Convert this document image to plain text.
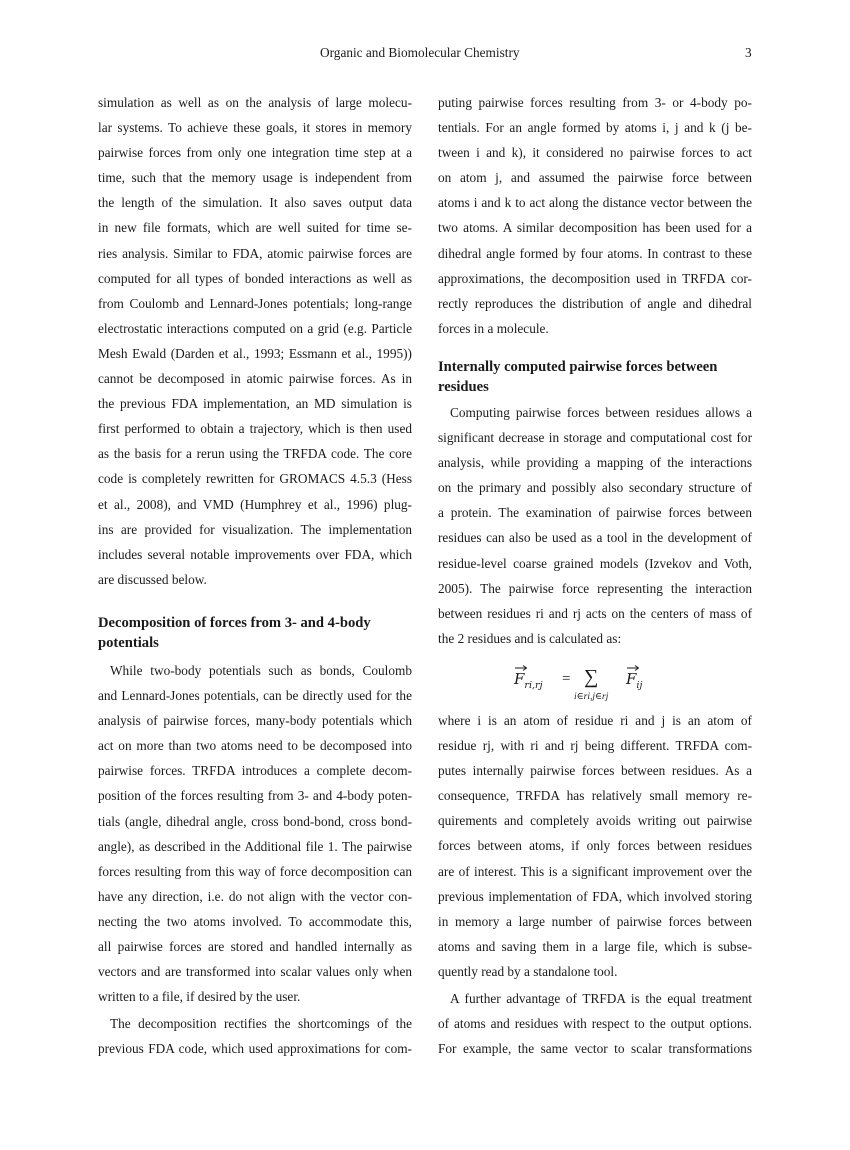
Organic and Biomolecular Chemistry	3
simulation as well as on the analysis of large molecu-
lar systems. To achieve these goals, it stores in memory
pairwise forces from only one integration time step at a
time, such that the memory usage is independent from
the length of the simulation. It also saves output data
in new file formats, which are well suited for time se-
ries analysis. Similar to FDA, atomic pairwise forces are
computed for all types of bonded interactions as well as
from Coulomb and Lennard-Jones potentials; long-range
electrostatic interactions computed on a grid (e.g. Particle
Mesh Ewald (Darden et al., 1993; Essmann et al., 1995))
cannot be decomposed in atomic pairwise forces. As in
the previous FDA implementation, an MD simulation is
first performed to obtain a trajectory, which is then used
as the basis for a rerun using the TRFDA code. The core
code is completely rewritten for GROMACS 4.5.3 (Hess
et al., 2008), and VMD (Humphrey et al., 1996) plug-
ins are provided for visualization. The implementation
includes several notable improvements over FDA, which
are discussed below.
Decomposition of forces from 3- and 4-body
potentials
While two-body potentials such as bonds, Coulomb
and Lennard-Jones potentials, can be directly used for the
analysis of pairwise forces, many-body potentials which
act on more than two atoms need to be decomposed into
pairwise forces. TRFDA introduces a complete decom-
position of the forces resulting from 3- and 4-body poten-
tials (angle, dihedral angle, cross bond-bond, cross bond-
angle), as described in the Additional file 1. The pairwise
forces resulting from this way of force decomposition can
have any direction, i.e. do not align with the vector con-
necting the two atoms involved. To accommodate this,
all pairwise forces are stored and handled internally as
vectors and are transformed into scalar values only when
written to a file, if desired by the user.
The decomposition rectifies the shortcomings of the
previous FDA code, which used approximations for com-
puting pairwise forces resulting from 3- or 4-body po-
tentials. For an angle formed by atoms i, j and k (j be-
tween i and k), it considered no pairwise forces to act
on atom j, and assumed the pairwise force between
atoms i and k to act along the distance vector between the
two atoms. A similar decomposition has been used for a
dihedral angle formed by four atoms. In contrast to these
approximations, the decomposition used in TRFDA cor-
rectly reproduces the distribution of angle and dihedral
forces in a molecule.
Internally computed pairwise forces between
residues
Computing pairwise forces between residues allows a
significant decrease in storage and computational cost for
analysis, while providing a mapping of the interactions
on the primary and possibly also secondary structure of
a protein. The examination of pairwise forces between
residues can also be used as a tool in the development of
residue-level coarse grained models (Izvekov and Voth,
2005). The pairwise force representing the interaction
between residues ri and rj acts on the centers of mass of
the 2 residues and is calculated as:
$F_{ri,rj}$ = ∑
i∈ri,j∈rj
$F_{ij}$
where i is an atom of residue ri and j is an atom of
residue rj, with ri and rj being different. TRFDA com-
putes internally pairwise forces between residues. As a
consequence, TRFDA has relatively small memory re-
quirements and completely avoids writing out pairwise
forces between atoms, if only forces between residues
are of interest. This is a significant improvement over the
previous implementation of FDA, which involved storing
in memory a large number of pairwise forces between
atoms and saving them in a large file, which is subse-
quently read by a standalone tool.
A further advantage of TRFDA is the equal treatment
of atoms and residues with respect to the output options.
For example, the same vector to scalar transformations
